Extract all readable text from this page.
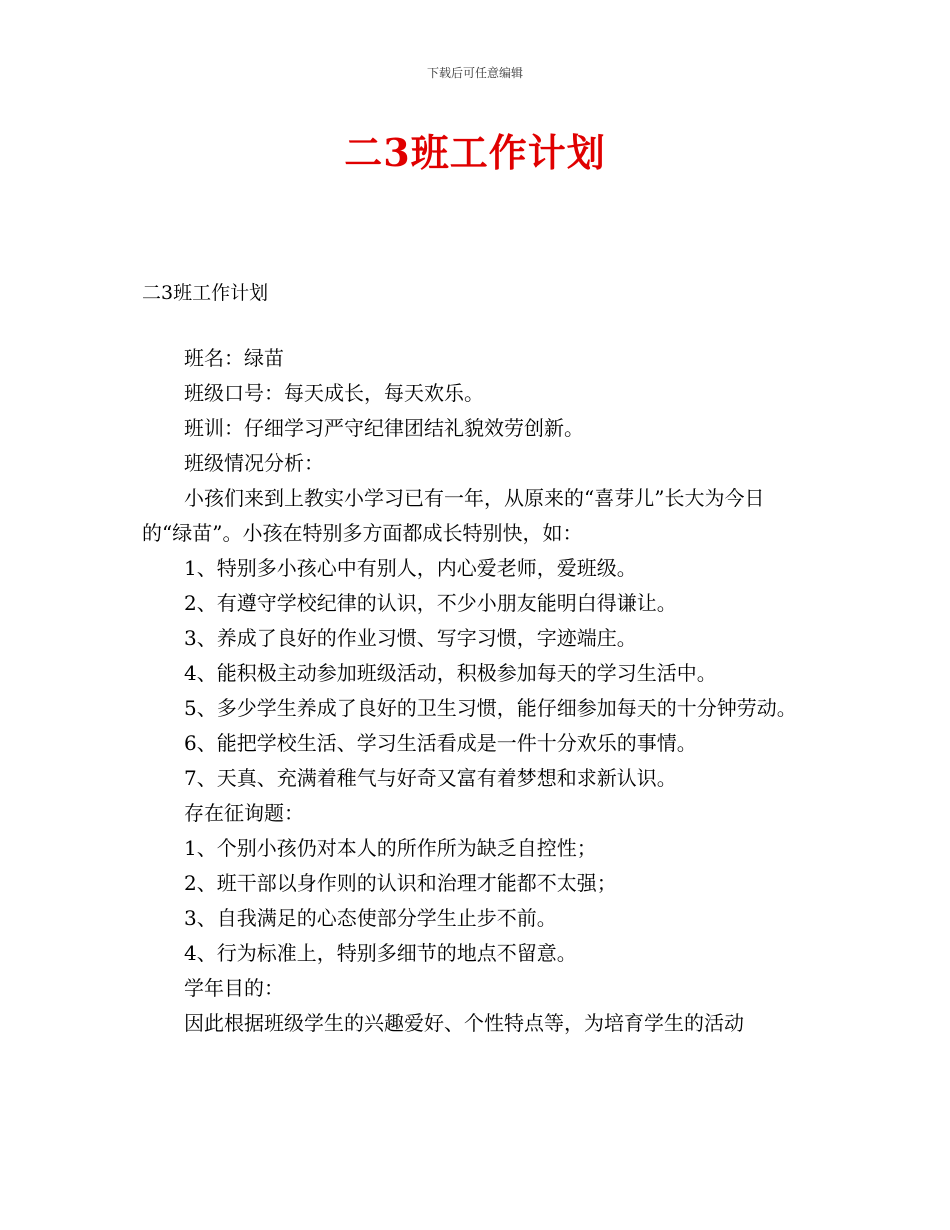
下载后可任意编辑
二3班工作计划
二3班工作计划

班名：绿苗

班级口号：每天成长，每天欢乐。

班训：仔细学习严守纪律团结礼貌效劳创新。

班级情况分析：

小孩们来到上教实小学习已有一年，从原来的“喜芽儿”长大为今日的“绿苗”。小孩在特别多方面都成长特别快，如：

1、特别多小孩心中有别人，内心爱老师，爱班级。

2、有遵守学校纪律的认识，不少小朋友能明白得谦让。

3、养成了良好的作业习惯、写字习惯，字迹端庄。

4、能积极主动参加班级活动，积极参加每天的学习生活中。

5、多少学生养成了良好的卫生习惯，能仔细参加每天的十分钟劳动。

6、能把学校生活、学习生活看成是一件十分欢乐的事情。

7、天真、充满着稚气与好奇又富有着梦想和求新认识。

存在征询题：

1、个别小孩仍对本人的所作所为缺乏自控性；

2、班干部以身作则的认识和治理才能都不太强；

3、自我满足的心态使部分学生止步不前。

4、行为标准上，特别多细节的地点不留意。

学年目的：

因此根据班级学生的兴趣爱好、个性特点等，为培育学生的活动
